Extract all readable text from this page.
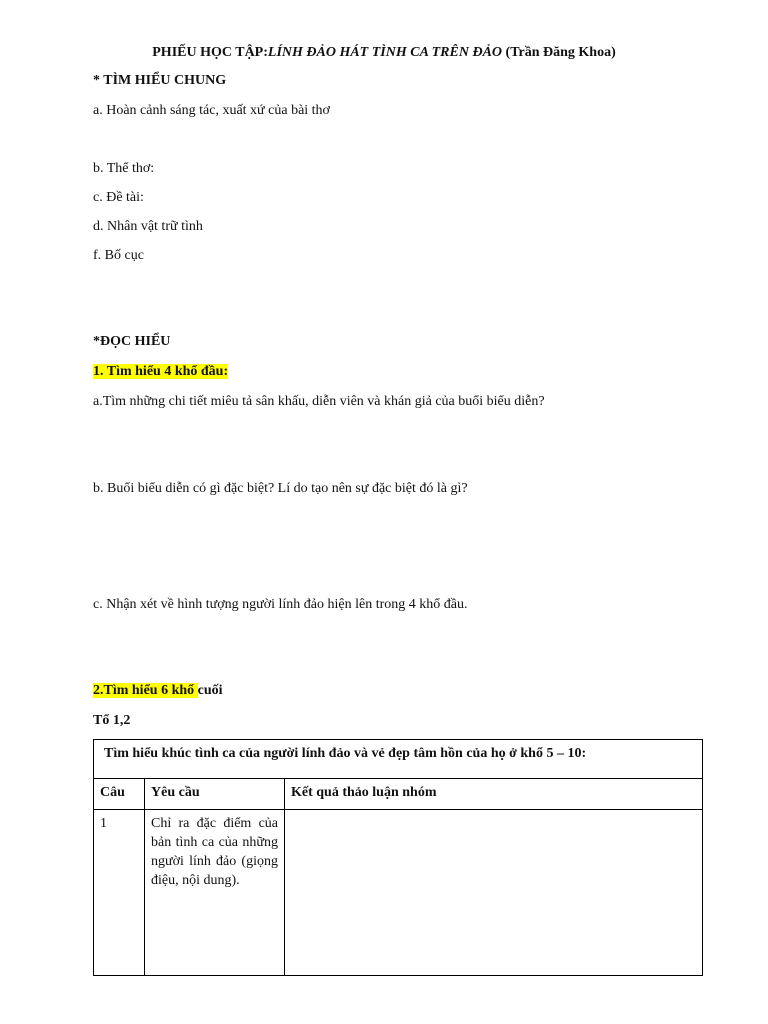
PHIẾU HỌC TẬP:LÍNH ĐẢO HÁT TÌNH CA TRÊN ĐẢO (Trần Đăng Khoa)
* TÌM HIỂU CHUNG
a. Hoàn cảnh sáng tác, xuất xứ của bài thơ
b. Thể thơ:
c. Đề tài:
d. Nhân vật trữ tình
f. Bố cục
*ĐỌC HIỂU
1. Tìm hiểu 4 khổ đầu:
a.Tìm những chi tiết miêu tả sân khấu, diễn viên và khán giả của buổi biểu diễn?
b. Buổi biểu diễn có gì đặc biệt? Lí do tạo nên sự đặc biệt đó là gì?
c. Nhận xét về hình tượng người lính đảo hiện lên trong 4 khổ đầu.
2.Tìm hiểu 6 khổ cuối
Tổ 1,2
Tìm hiểu khúc tình ca của người lính đảo và vẻ đẹp tâm hồn của họ ở khổ 5 – 10:		
Câu	Yêu cầu	Kết quả thảo luận nhóm
1	Chỉ ra đặc điểm của bản tình ca của những người lính đảo (giọng điệu, nội dung).	
